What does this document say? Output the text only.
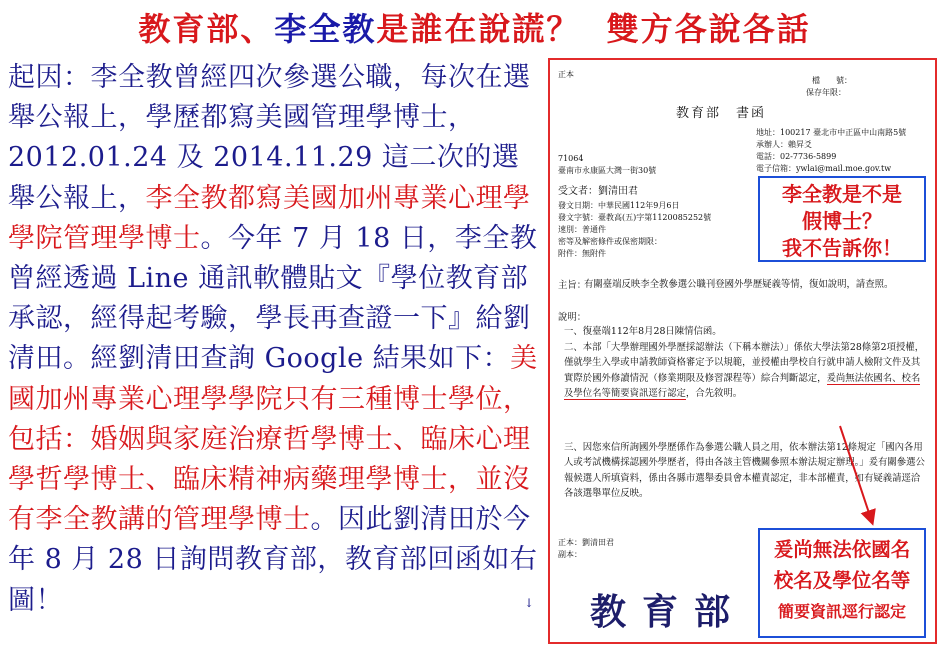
教育部、李全教是誰在說謊？ 雙方各說各話
起因：李全教曾經四次參選公職，每次在選舉公報上，學歷都寫美國管理學博士，2012.01.24 及 2014.11.29 這二次的選舉公報上，李全教都寫美國加州專業心理學學院管理學博士。今年 7 月 18 日，李全教曾經透過 Line 通訊軟體貼文『學位教育部承認，經得起考驗，學長再查證一下』給劉清田。經劉清田查詢 Google 結果如下：美國加州專業心理學學院只有三種博士學位，包括：婚姻與家庭治療哲學博士、臨床心理學哲學博士、臨床精神病藥理學博士，並沒有李全教講的管理學博士。因此劉清田於今年 8 月 28 日詢問教育部，教育部回函如右圖！	↓
正本
檔　　號：
保存年限：
教育部　書函
地址：100217 臺北市中正區中山南路5號
承辦人：賴昇爻
電話：02-7736-5899
電子信箱：ywlai@mail.moe.gov.tw
71064
臺南市永康區大灣一街30號
受文者：劉清田君
發文日期：中華民國112年9月6日
發文字號：臺教高(五)字第1120085252號
速別：普通件
密等及解密條件或保密期限：
附件：無附件
主旨：
有關臺端反映李全教參選公職刊登國外學歷疑義等情，復如說明，請查照。
說明：
一、復臺端112年8月28日陳情信函。
二、本部「大學辦理國外學歷採認辦法（下稱本辦法）」係依大學法第28條第2項授權，僅就學生入學或申請教師資格審定予以規範，並授權由學校自行就申請人檢附文件及其實際於國外修讀情況（修業期限及修習課程等）綜合判斷認定，爰尚無法依國名、校名及學位名等簡要資訊逕行認定，合先敘明。
三、因您來信所詢國外學歷係作為參選公職人員之用，依本辦法第12條規定「國內各用人或考試機構採認國外學歷者，得由各該主管機關參照本辦法規定辦理。」爰有關參選公報候選人所填資料，係由各縣市選舉委員會本權責認定，非本部權責，如有疑義請逕洽各該選舉單位反映。
正本：劉清田君
副本：
教育部
李全教是不是
假博士？
我不告訴你！
爰尚無法依國名
校名及學位名等
簡要資訊逕行認定
